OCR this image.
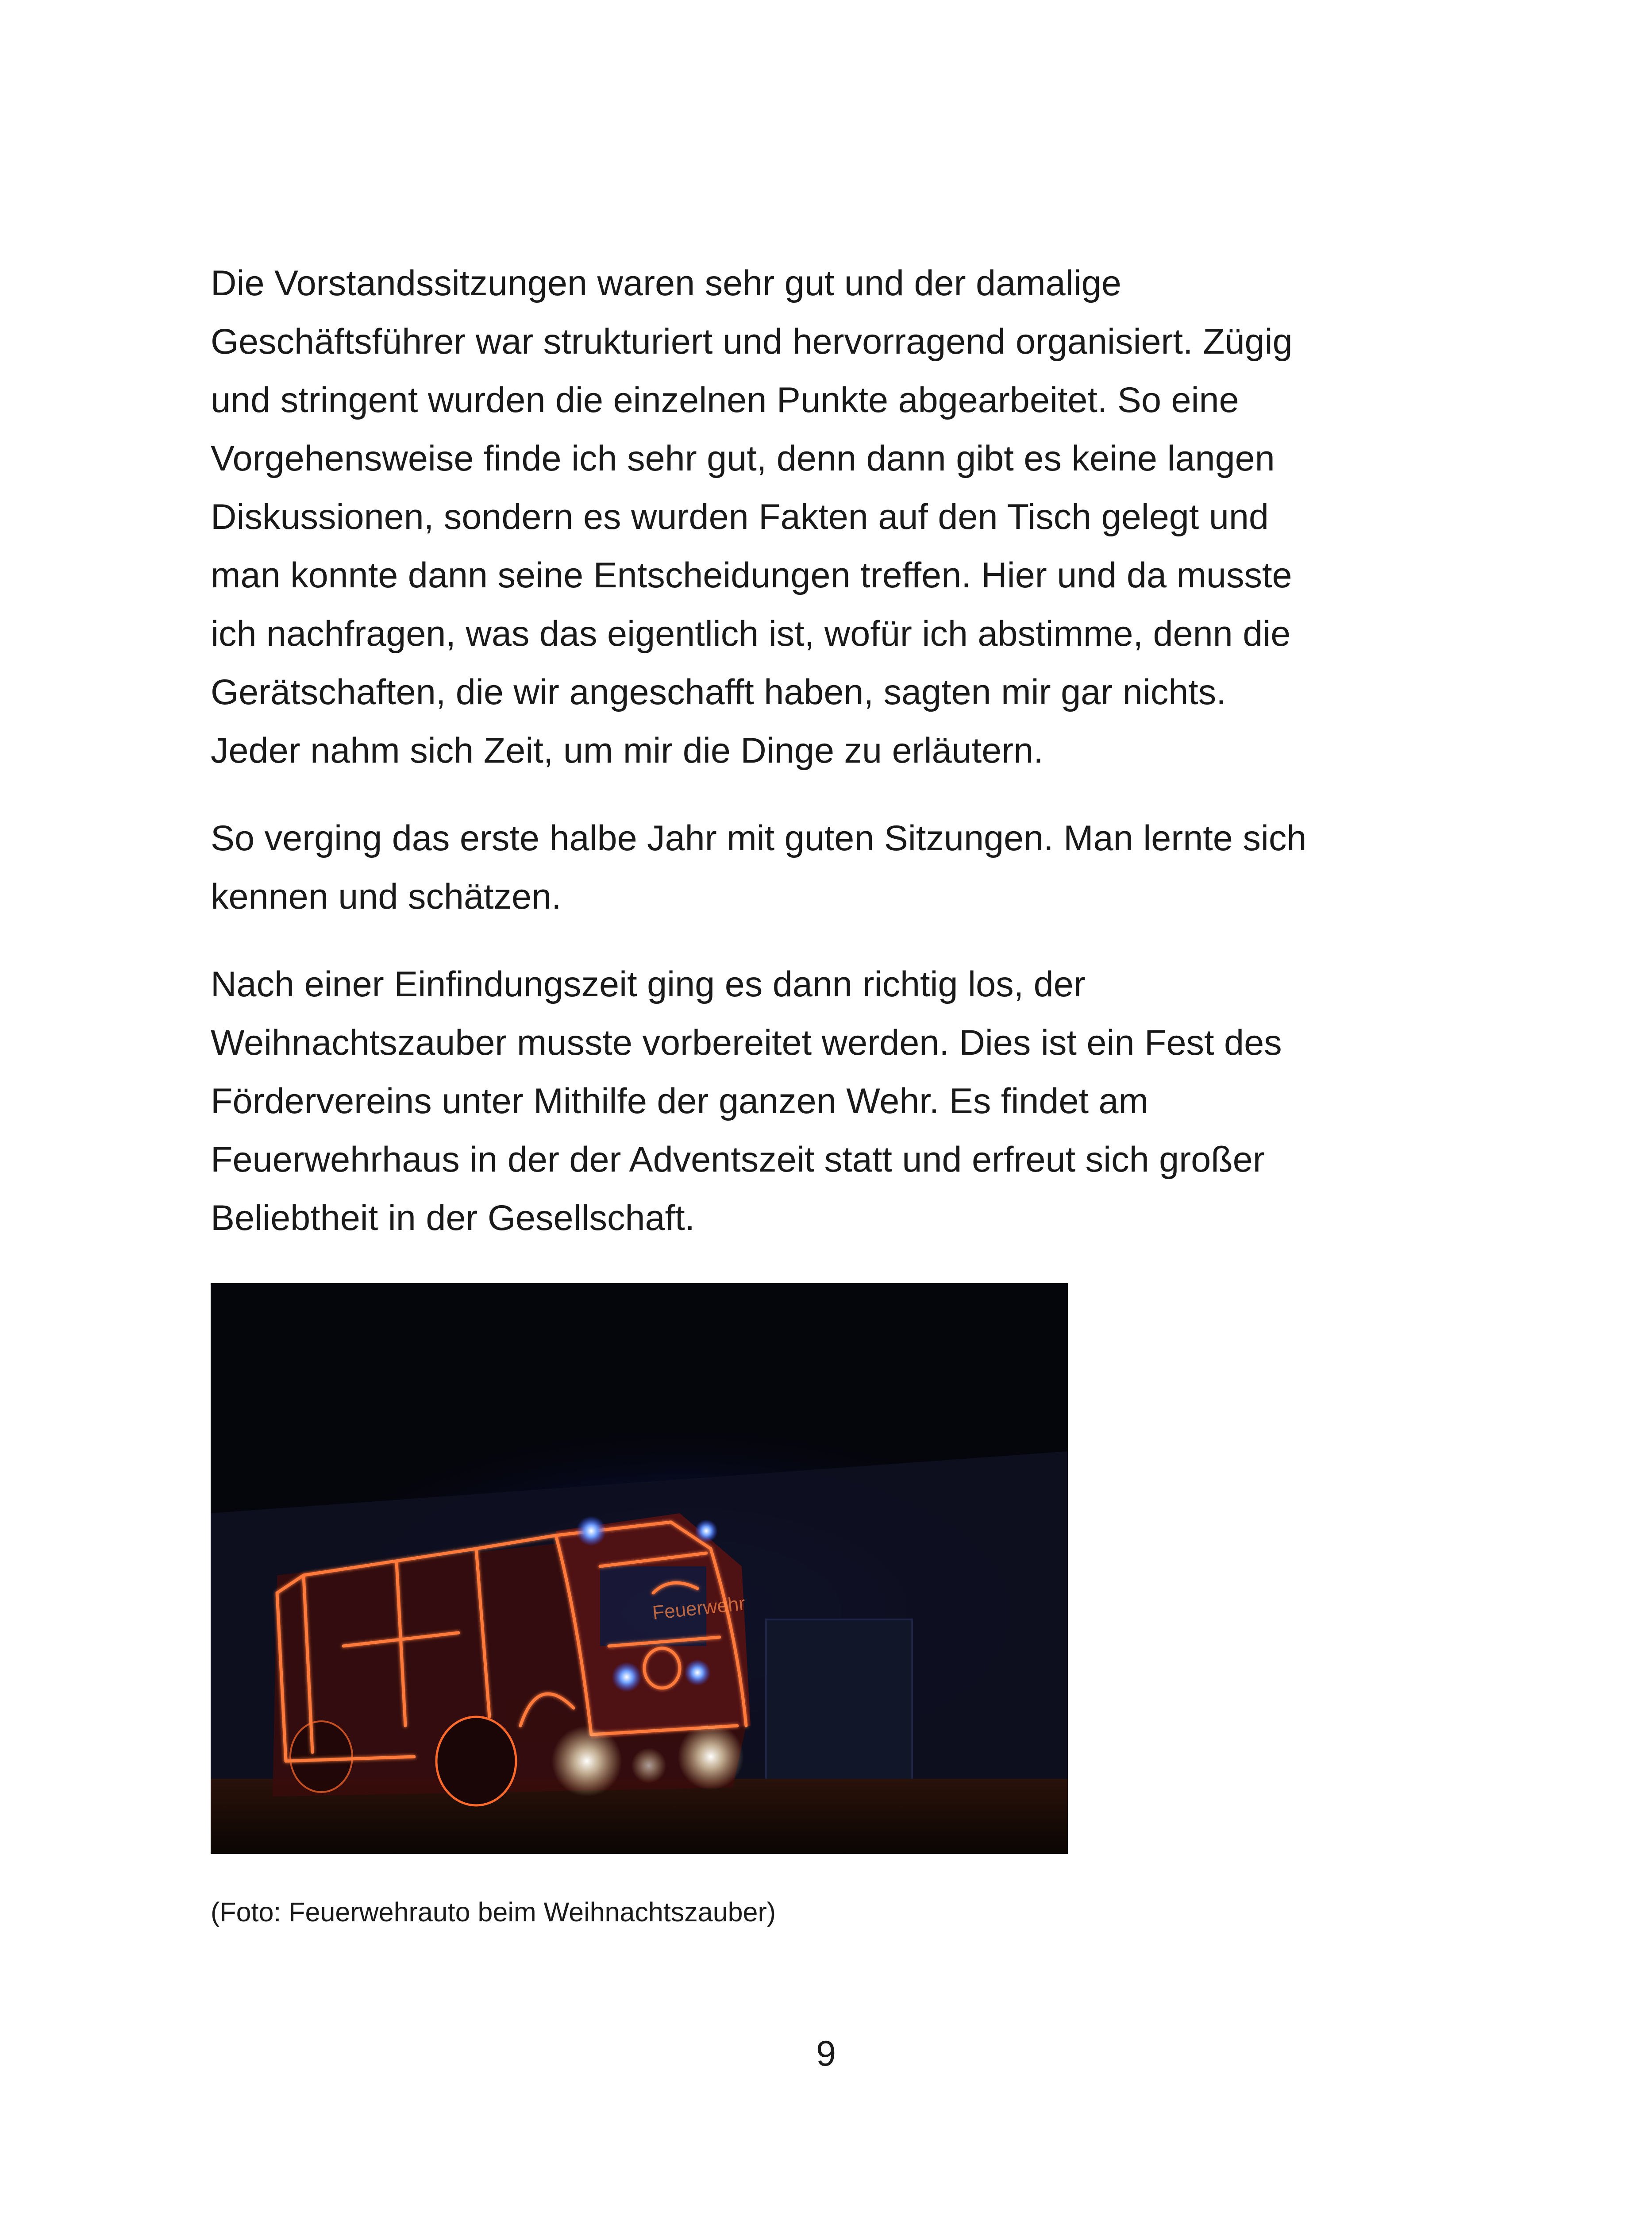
Die Vorstandssitzungen waren sehr gut und der damalige
Geschäftsführer war strukturiert und hervorragend organisiert. Zügig
und stringent wurden die einzelnen Punkte abgearbeitet. So eine
Vorgehensweise finde ich sehr gut, denn dann gibt es keine langen
Diskussionen, sondern es wurden Fakten auf den Tisch gelegt und
man konnte dann seine Entscheidungen treffen. Hier und da musste
ich nachfragen, was das eigentlich ist, wofür ich abstimme, denn die
Gerätschaften, die wir angeschafft haben, sagten mir gar nichts.
Jeder nahm sich Zeit, um mir die Dinge zu erläutern.

So verging das erste halbe Jahr mit guten Sitzungen. Man lernte sich
kennen und schätzen.

Nach einer Einfindungszeit ging es dann richtig los, der
Weihnachtszauber musste vorbereitet werden. Dies ist ein Fest des
Fördervereins unter Mithilfe der ganzen Wehr. Es findet am
Feuerwehrhaus in der der Adventszeit statt und erfreut sich großer
Beliebtheit in der Gesellschaft.

Feuerwehr
(Foto: Feuerwehrauto beim Weihnachtszauber)
9
